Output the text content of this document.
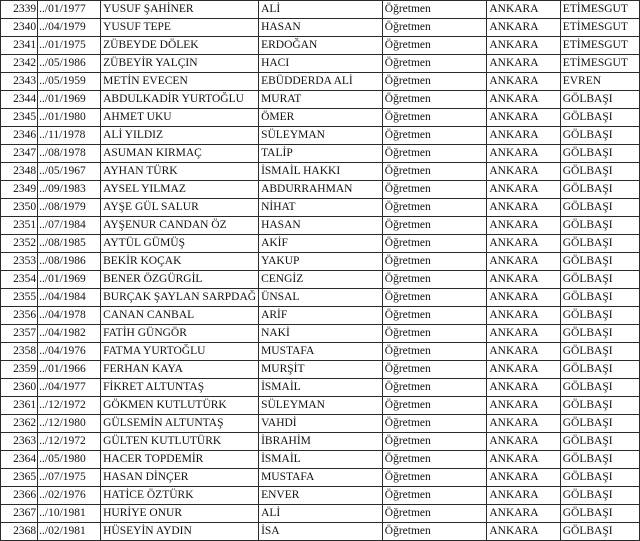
2339	../01/1977	YUSUF ŞAHİNER	ALİ	Öğretmen	ANKARA	ETİMESGUT
2340	../04/1979	YUSUF TEPE	HASAN	Öğretmen	ANKARA	ETİMESGUT
2341	../01/1975	ZÜBEYDE DÖLEK	ERDOĞAN	Öğretmen	ANKARA	ETİMESGUT
2342	../05/1986	ZÜBEYİR YALÇIN	HACI	Öğretmen	ANKARA	ETİMESGUT
2343	../05/1959	METİN EVECEN	EBÜDDERDA ALİ	Öğretmen	ANKARA	EVREN
2344	../01/1969	ABDULKADİR YURTOĞLU	MURAT	Öğretmen	ANKARA	GÖLBAŞI
2345	../01/1980	AHMET UKU	ÖMER	Öğretmen	ANKARA	GÖLBAŞI
2346	../11/1978	ALİ YILDIZ	SÜLEYMAN	Öğretmen	ANKARA	GÖLBAŞI
2347	../08/1978	ASUMAN KIRMAÇ	TALİP	Öğretmen	ANKARA	GÖLBAŞI
2348	../05/1967	AYHAN TÜRK	İSMAİL HAKKI	Öğretmen	ANKARA	GÖLBAŞI
2349	../09/1983	AYSEL YILMAZ	ABDURRAHMAN	Öğretmen	ANKARA	GÖLBAŞI
2350	../08/1979	AYŞE GÜL SALUR	NİHAT	Öğretmen	ANKARA	GÖLBAŞI
2351	../07/1984	AYŞENUR CANDAN ÖZ	HASAN	Öğretmen	ANKARA	GÖLBAŞI
2352	../08/1985	AYTÜL GÜMÜŞ	AKİF	Öğretmen	ANKARA	GÖLBAŞI
2353	../08/1986	BEKİR KOÇAK	YAKUP	Öğretmen	ANKARA	GÖLBAŞI
2354	../01/1969	BENER ÖZGÜRGİL	CENGİZ	Öğretmen	ANKARA	GÖLBAŞI
2355	../04/1984	BURÇAK ŞAYLAN SARPDAĞ	ÜNSAL	Öğretmen	ANKARA	GÖLBAŞI
2356	../04/1978	CANAN CANBAL	ARİF	Öğretmen	ANKARA	GÖLBAŞI
2357	../04/1982	FATİH GÜNGÖR	NAKİ	Öğretmen	ANKARA	GÖLBAŞI
2358	../04/1976	FATMA YURTOĞLU	MUSTAFA	Öğretmen	ANKARA	GÖLBAŞI
2359	../01/1966	FERHAN KAYA	MURŞİT	Öğretmen	ANKARA	GÖLBAŞI
2360	../04/1977	FİKRET ALTUNTAŞ	İSMAİL	Öğretmen	ANKARA	GÖLBAŞI
2361	../12/1972	GÖKMEN KUTLUTÜRK	SÜLEYMAN	Öğretmen	ANKARA	GÖLBAŞI
2362	../12/1980	GÜLSEMİN ALTUNTAŞ	VAHDİ	Öğretmen	ANKARA	GÖLBAŞI
2363	../12/1972	GÜLTEN KUTLUTÜRK	İBRAHİM	Öğretmen	ANKARA	GÖLBAŞI
2364	../05/1980	HACER TOPDEMİR	İSMAİL	Öğretmen	ANKARA	GÖLBAŞI
2365	../07/1975	HASAN DİNÇER	MUSTAFA	Öğretmen	ANKARA	GÖLBAŞI
2366	../02/1976	HATİCE ÖZTÜRK	ENVER	Öğretmen	ANKARA	GÖLBAŞI
2367	../10/1981	HURİYE ONUR	ALİ	Öğretmen	ANKARA	GÖLBAŞI
2368	../02/1981	HÜSEYİN AYDIN	İSA	Öğretmen	ANKARA	GÖLBAŞI
